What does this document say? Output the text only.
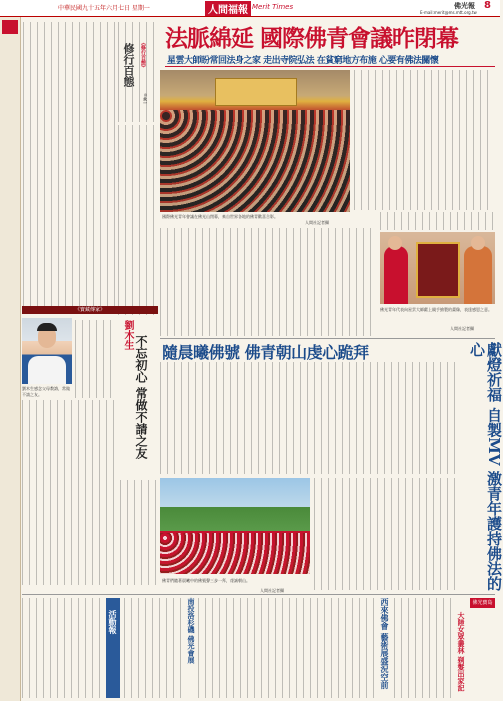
中華民國九十五年六月七日 星期一	人間福報 Merit Times	佛光報 8
E-mail:merit@ms.mtt.org.tw
《修行百態》
修行百態
◎永一
《寶藏傳家》
劉木生感念父母教誨，常做不請之友。
劉木生 不忘初心 常做不請之友
法脈綿延 國際佛青會議昨閉幕
星雲大師盼常回法身之家 走出寺院弘法 在貧窮地方布施 心要有佛法關懷
國際佛光青年會議在佛光山閉幕，來自世界各地的佛青歡喜合影。
人間社記者攝
佛光青年代表向星雲大師獻上親手繪製的畫像，表達感恩之意。
人間社記者攝
隨晨曦佛號 佛青朝山虔心跪拜
佛青們隨著晨曦中的佛號聲三步一拜，虔誠朝山。
人間社記者攝	獻燈祈福 自製MV 激青年護持佛法的心
活動報	南投洛杉磯 佛光會展	西來佛會 藝術展盛況空前	大陸女眾叢林 剃髮出家記
佛光寶島
